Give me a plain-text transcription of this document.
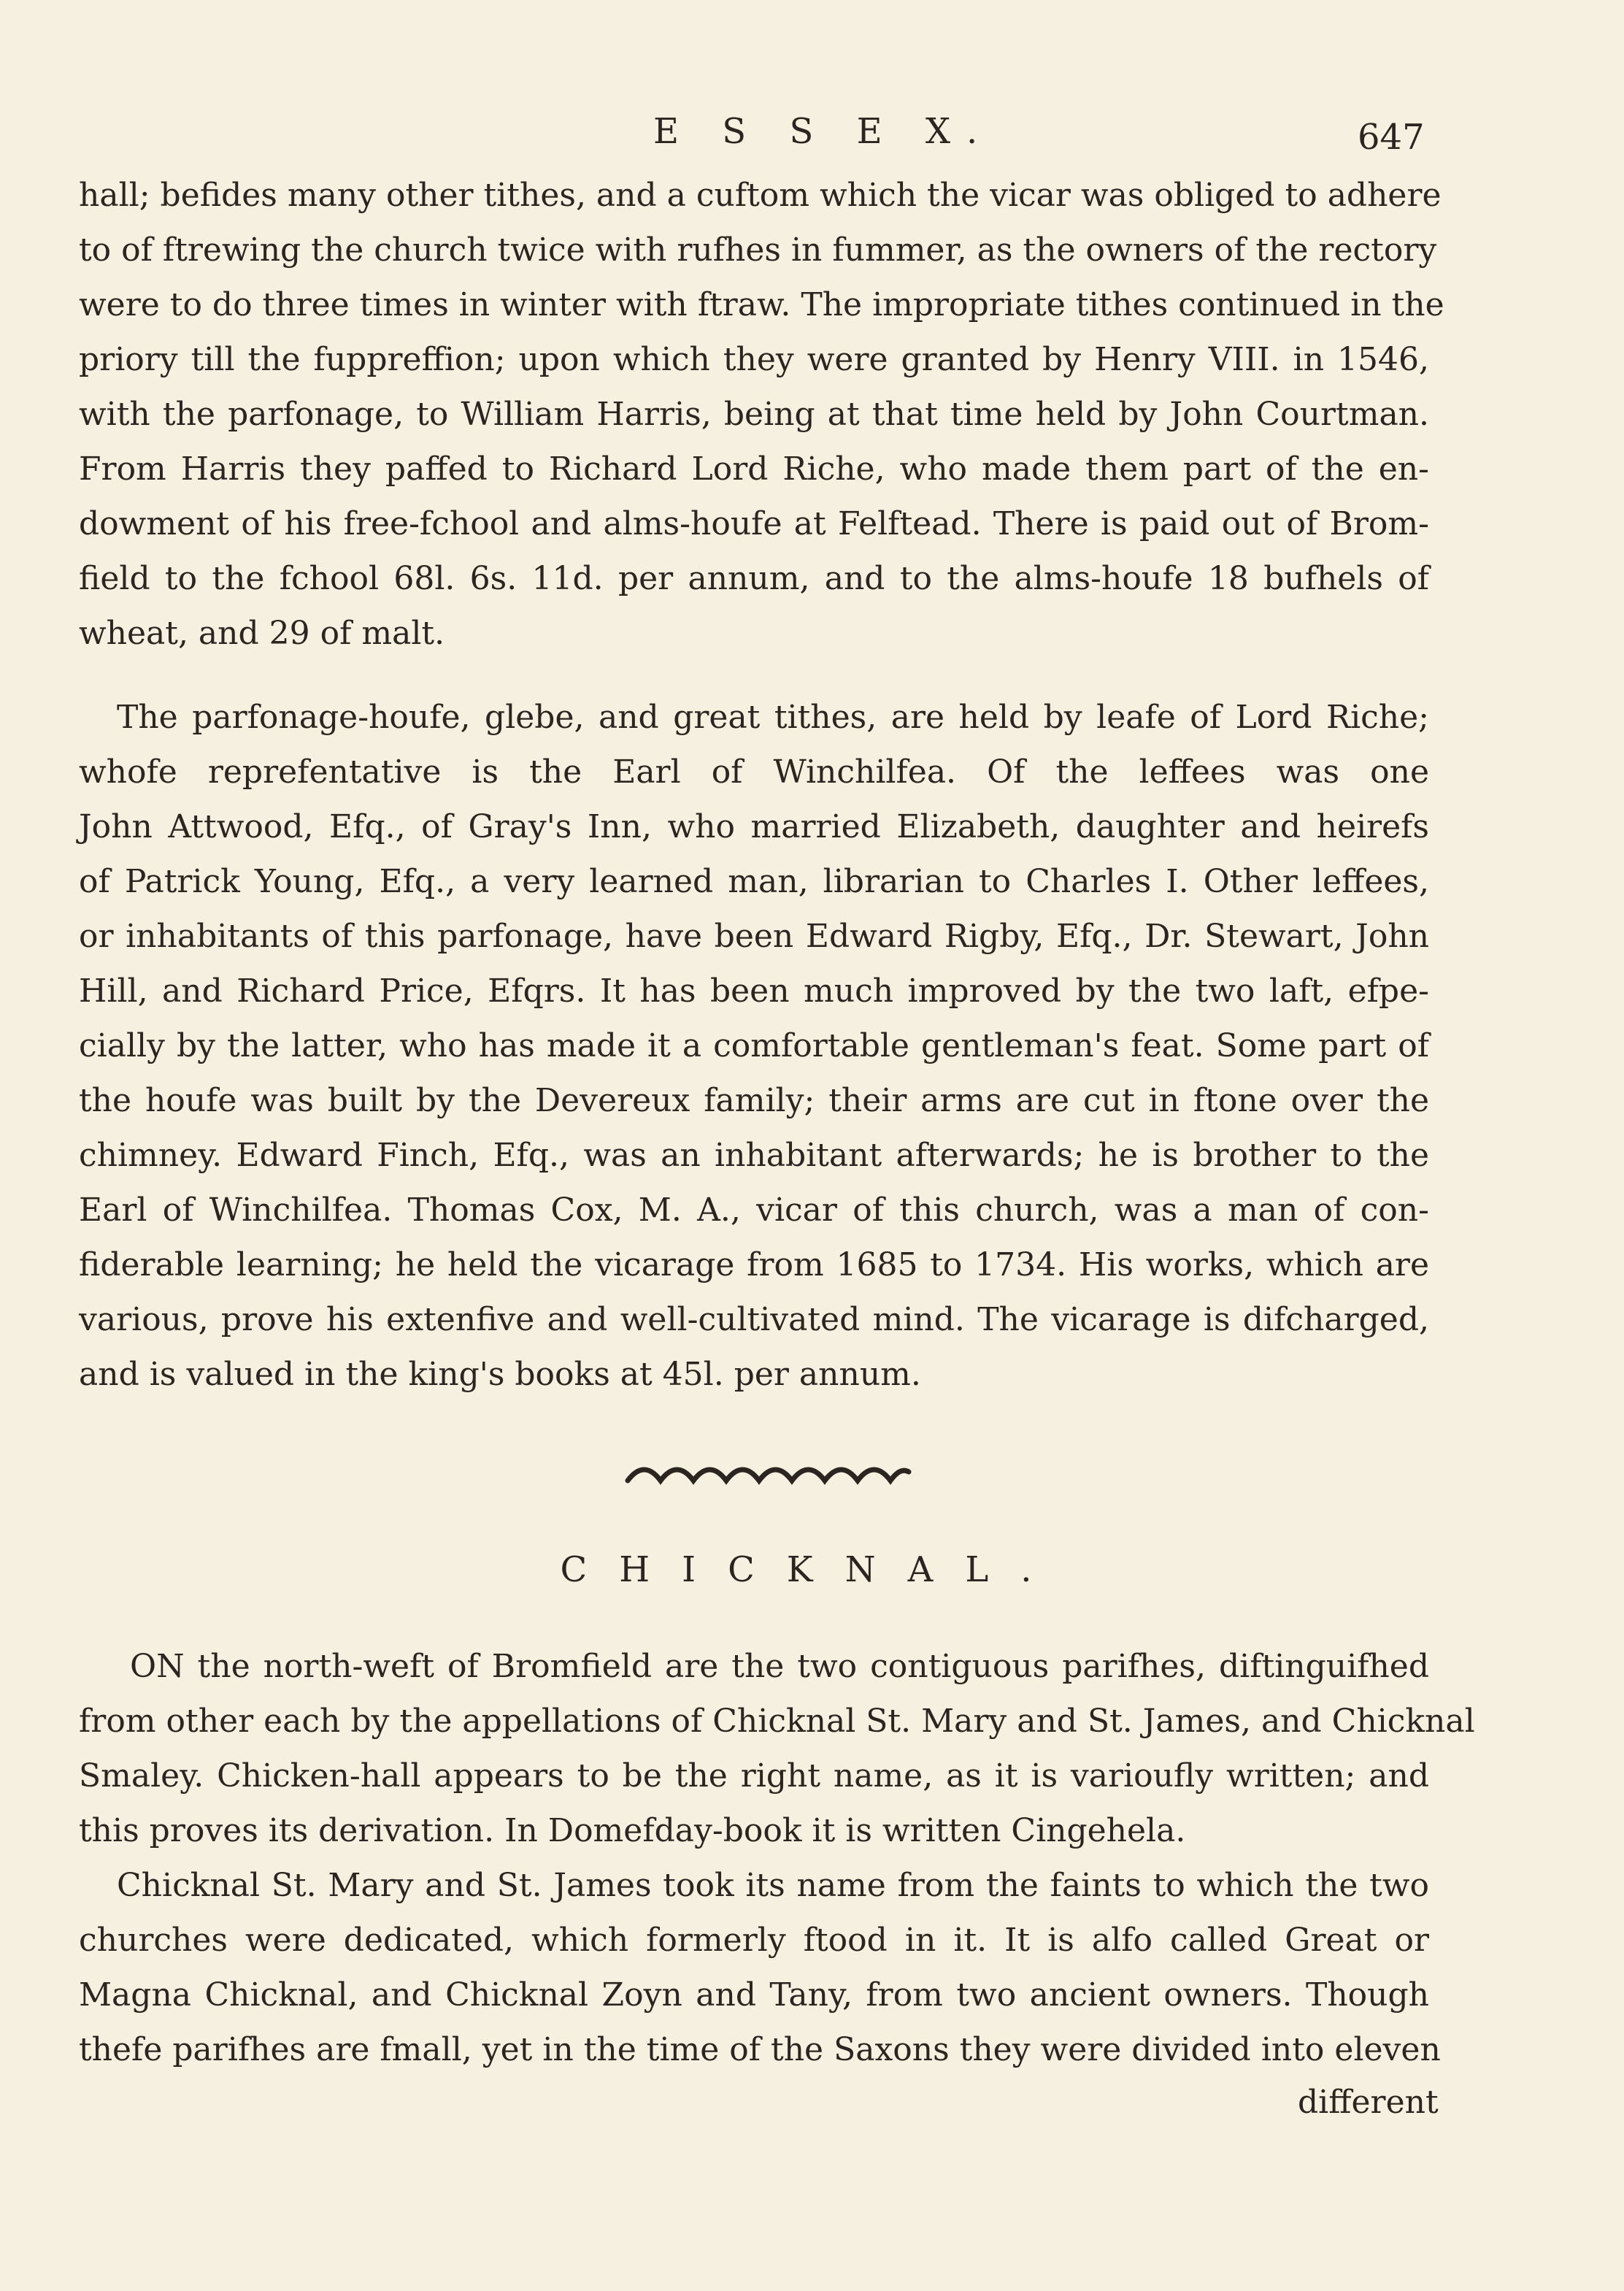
E S S E X.	647
hall; befides many other tithes, and a cuftom which the vicar was obliged to adhere
to of ftrewing the church twice with rufhes in fummer, as the owners of the rectory
were to do three times in winter with ftraw. The impropriate tithes continued in the
priory till the fuppreffion; upon which they were granted by Henry VIII. in 1546,
with the parfonage, to William Harris, being at that time held by John Courtman.
From Harris they paffed to Richard Lord Riche, who made them part of the en-
dowment of his free-fchool and alms-houfe at Felftead. There is paid out of Brom-
field to the fchool 68l. 6s. 11d. per annum, and to the alms-houfe 18 bufhels of
wheat, and 29 of malt.
The parfonage-houfe, glebe, and great tithes, are held by leafe of Lord Riche;
whofe reprefentative is the Earl of Winchilfea. Of the leffees was one
John Attwood, Efq., of Gray's Inn, who married Elizabeth, daughter and heirefs
of Patrick Young, Efq., a very learned man, librarian to Charles I. Other leffees,
or inhabitants of this parfonage, have been Edward Rigby, Efq., Dr. Stewart, John
Hill, and Richard Price, Efqrs. It has been much improved by the two laft, efpe-
cially by the latter, who has made it a comfortable gentleman's feat. Some part of
the houfe was built by the Devereux family; their arms are cut in ftone over the
chimney. Edward Finch, Efq., was an inhabitant afterwards; he is brother to the
Earl of Winchilfea. Thomas Cox, M. A., vicar of this church, was a man of con-
fiderable learning; he held the vicarage from 1685 to 1734. His works, which are
various, prove his extenfive and well-cultivated mind. The vicarage is difcharged,
and is valued in the king's books at 45l. per annum.
CHICKNAL.
ON the north-weft of Bromfield are the two contiguous parifhes, diftinguifhed
from other each by the appellations of Chicknal St. Mary and St. James, and Chicknal
Smaley. Chicken-hall appears to be the right name, as it is varioufly written; and
this proves its derivation. In Domefday-book it is written Cingehela.
Chicknal St. Mary and St. James took its name from the faints to which the two
churches were dedicated, which formerly ftood in it. It is alfo called Great or
Magna Chicknal, and Chicknal Zoyn and Tany, from two ancient owners. Though
thefe parifhes are fmall, yet in the time of the Saxons they were divided into eleven
different
